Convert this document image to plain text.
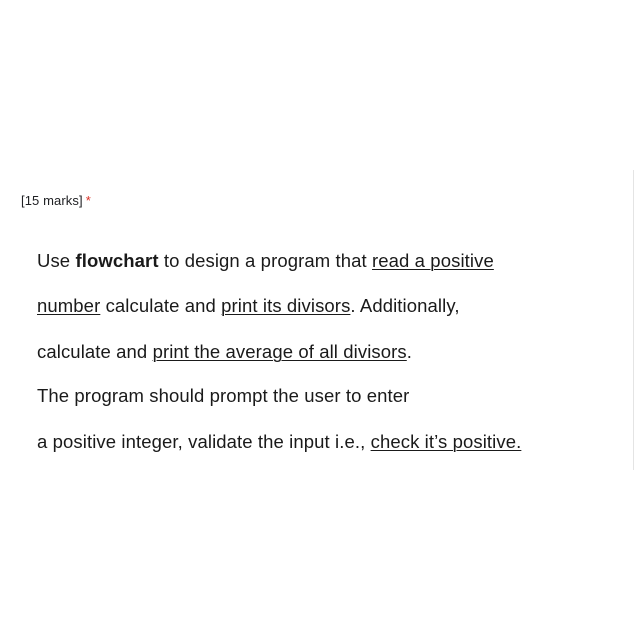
[15 marks] *
Use flowchart to design a program that read a positive
number calculate and print its divisors. Additionally,
calculate and print the average of all divisors.
The program should prompt the user to enter
a positive integer, validate the input i.e., check it’s positive.
